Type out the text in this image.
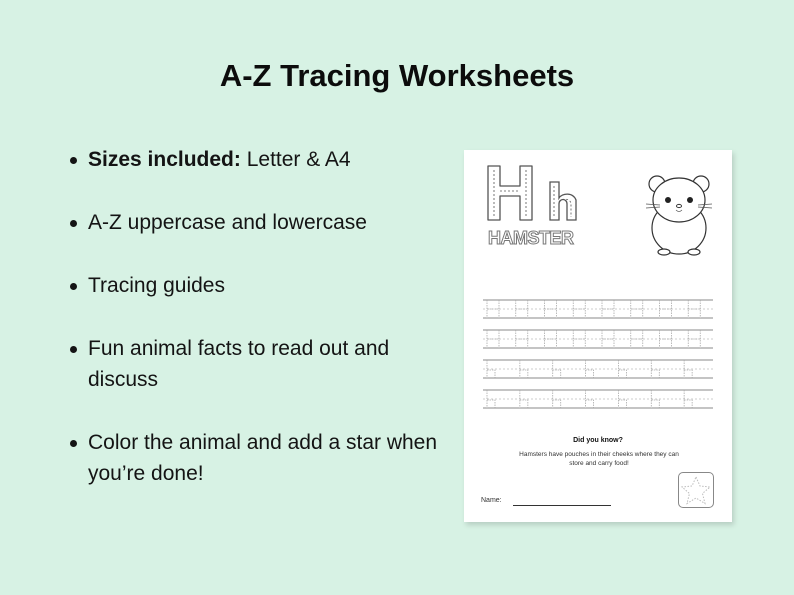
A-Z Tracing Worksheets
Sizes included: Letter & A4
A-Z uppercase and lowercase
Tracing guides
Fun animal facts to read out and discuss
Color the animal and add a star when you’re done!
HAMSTER
Did you know?
Hamsters have pouches in their cheeks where they can store and carry food!
Name:
